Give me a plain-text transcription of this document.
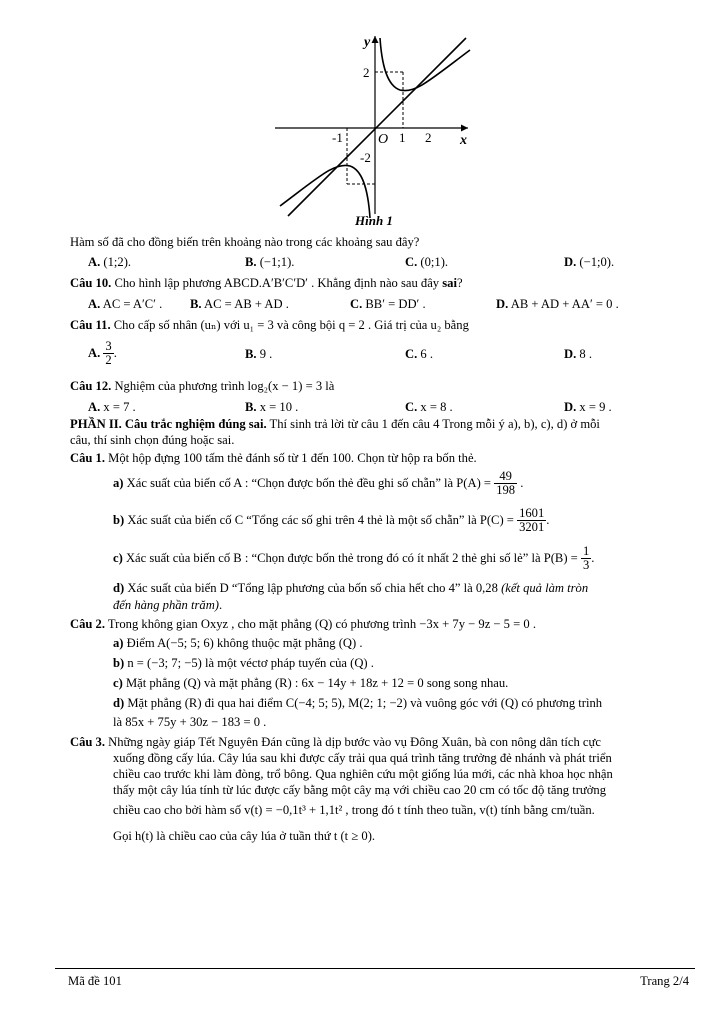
y
x
O
-1	1 2
2
-2
Hình 1
Hàm số đã cho đồng biến trên khoảng nào trong các khoảng sau đây?
A. (1;2).	B. (−1;1).	C. (0;1).	D. (−1;0).
Câu 10. Cho hình lập phương ABCD.A′B′C′D′ . Khẳng định nào sau đây sai?
A. AC = A′C′ . B. AC = AB + AD .	C. BB′ = DD′ .	D. AB + AD + AA′ = 0 .
Câu 11. Cho cấp số nhân (uₙ) với u₁ = 3 và công bội q = 2 . Giá trị của u₂ bằng
A. $\frac{3}{2}$ .	B. 9 .	C. 6 .	D. 8 .
Câu 12. Nghiệm của phương trình log₂(x − 1) = 3 là
A. x = 7 .	B. x = 10 .	C. x = 8 .	D. x = 9 .
PHẦN II. Câu trắc nghiệm đúng sai. Thí sinh trả lời từ câu 1 đến câu 4 Trong mỗi ý a), b), c), d) ở mỗi
câu, thí sinh chọn đúng hoặc sai.
Câu 1. Một hộp đựng 100 tấm thẻ đánh số từ 1 đến 100. Chọn từ hộp ra bốn thẻ.
a) Xác suất của biến cố A : “Chọn được bốn thẻ đều ghi số chẵn” là $P(A) = \frac{49}{198}$ .
b) Xác suất của biến cố C “Tổng các số ghi trên 4 thẻ là một số chẵn” là $P(C) = \frac{1601}{3201}$ .
c) Xác suất của biến cố B : “Chọn được bốn thẻ trong đó có ít nhất 2 thẻ ghi số lẻ” là $P(B) = \frac{1}{3}$ .
d) Xác suất của biến D “Tổng lập phương của bốn số chia hết cho 4” là 0,28 (kết quả làm tròn
đến hàng phần trăm).
Câu 2. Trong không gian Oxyz , cho mặt phẳng (Q) có phương trình −3x + 7y − 9z − 5 = 0 .
a) Điểm A(−5; 5; 6) không thuộc mặt phẳng (Q) .
b) n = (−3; 7; −5) là một véctơ pháp tuyến của (Q) .
c) Mặt phẳng (Q) và mặt phẳng (R) : 6x − 14y + 18z + 12 = 0 song song nhau.
d) Mặt phẳng (R) đi qua hai điểm C(−4; 5; 5), M(2; 1; −2) và vuông góc với (Q) có phương trình
là 85x + 75y + 30z − 183 = 0 .
Câu 3. Những ngày giáp Tết Nguyên Đán cũng là dịp bước vào vụ Đông Xuân, bà con nông dân tích cực
xuống đồng cấy lúa. Cây lúa sau khi được cấy trải qua quá trình tăng trưởng đẻ nhánh và phát triển
chiều cao trước khi làm đòng, trổ bông. Qua nghiên cứu một giống lúa mới, các nhà khoa học nhận
thấy một cây lúa tính từ lúc được cấy bằng một cây mạ với chiều cao 20 cm có tốc độ tăng trưởng
chiều cao cho bởi hàm số v(t) = −0,1t³ + 1,1t² , trong đó t tính theo tuần, v(t) tính bằng cm/tuần.
Gọi h(t) là chiều cao của cây lúa ở tuần thứ t (t ≥ 0).
Mã đề 101	Trang 2/4
